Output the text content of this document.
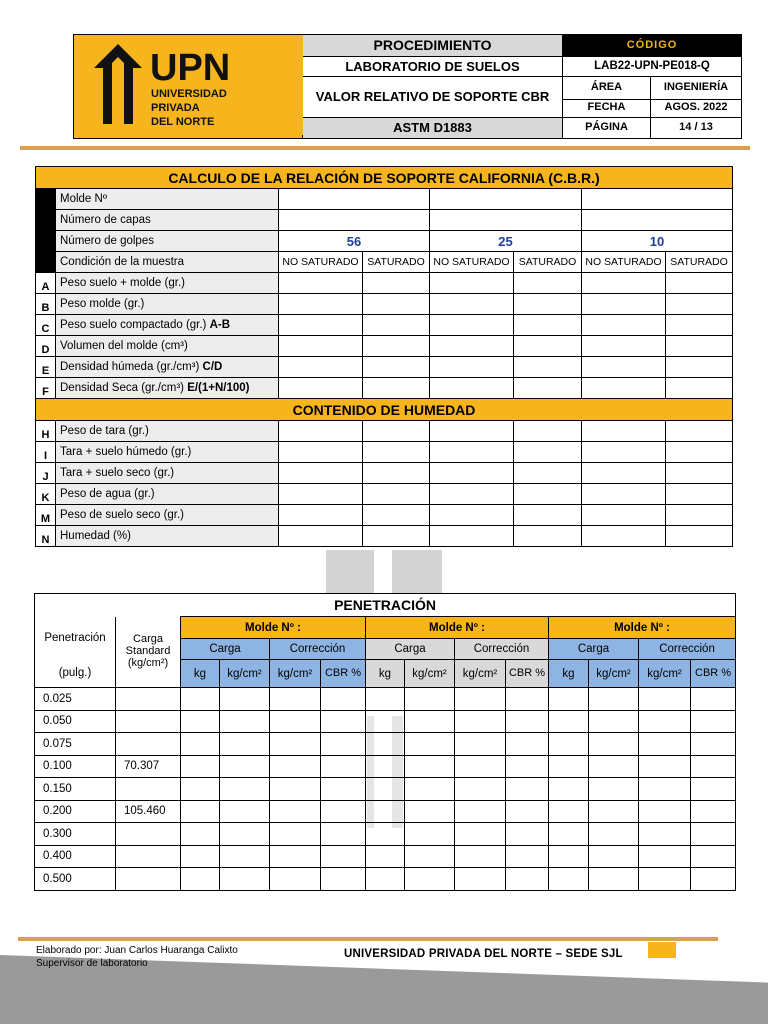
UPN
UNIVERSIDAD
PRIVADA
DEL NORTE	PROCEDIMIENTO	CÓDIGO	
	LABORATORIO DE SUELOS	LAB22-UPN-PE018-Q	
	VALOR RELATIVO DE SOPORTE CBR	ÁREA	INGENIERÍA
		FECHA	AGOS. 2022
	ASTM D1883	PÁGINA	14 / 13
CALCULO DE LA RELACIÓN DE SOPORTE CALIFORNIA (C.B.R.)							
	Molde Nº						
	Número de capas						
	Número de golpes	56		25		10	
	Condición de la muestra	NO SATURADO	SATURADO	NO SATURADO	SATURADO	NO SATURADO	SATURADO
A	Peso suelo + molde (gr.)						
B	Peso molde (gr.)						
C	Peso suelo compactado (gr.) A-B						
D	Volumen del molde (cm³)						
E	Densidad húmeda (gr./cm³) C/D						
F	Densidad Seca (gr./cm³) E/(1+N/100)						
CONTENIDO DE HUMEDAD							
H	Peso de tara (gr.)						
I	Tara + suelo húmedo (gr.)						
J	Tara + suelo seco (gr.)						
K	Peso de agua (gr.)						
M	Peso de suelo seco (gr.)						
N	Humedad (%)						
PENETRACIÓN													
Penetración	Carga Standard (kg/cm²)	Molde Nº :				Molde Nº :				Molde Nº :			
		Carga		Corrección		Carga		Corrección		Carga		Corrección	
(pulg.)		kg	kg/cm²	kg/cm²	CBR %	kg	kg/cm²	kg/cm²	CBR %	kg	kg/cm²	kg/cm²	CBR %
0.025													
0.050													
0.075													
0.100	70.307												
0.150													
0.200	105.460												
0.300													
0.400													
0.500													
Elaborado por: Juan Carlos Huaranga Calixto
Supervisor de laboratorio
UNIVERSIDAD PRIVADA DEL NORTE – SEDE SJL
